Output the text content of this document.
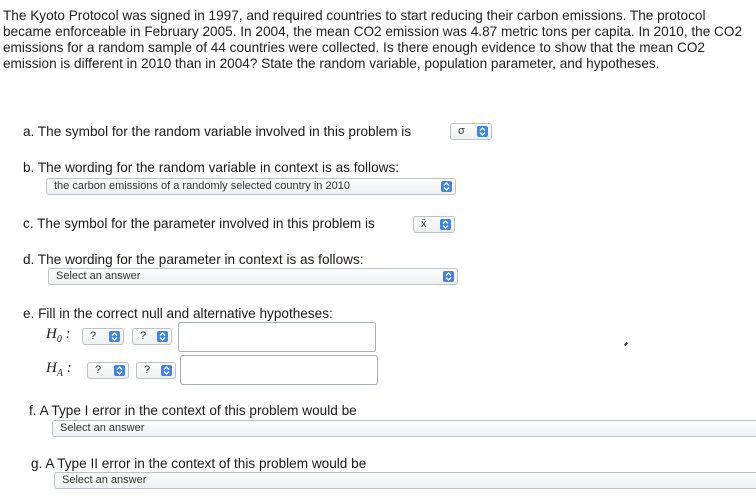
The Kyoto Protocol was signed in 1997, and required countries to start reducing their carbon emissions. The protocol became enforceable in February 2005. In 2004, the mean CO2 emission was 4.87 metric tons per capita. In 2010, the CO2 emissions for a random sample of 44 countries were collected. Is there enough evidence to show that the mean CO2 emission is different in 2010 than in 2004? State the random variable, population parameter, and hypotheses.
a. The symbol for the random variable involved in this problem is	σ
b. The wording for the random variable in context is as follows:
the carbon emissions of a randomly selected country in 2010
c. The symbol for the parameter involved in this problem is	x̄
d. The wording for the parameter in context is as follows:
Select an answer
e. Fill in the correct null and alternative hypotheses:
$H_0$ : ?	?
$H_A$ : ?	?
f. A Type I error in the context of this problem would be
Select an answer
g. A Type II error in the context of this problem would be
Select an answer
